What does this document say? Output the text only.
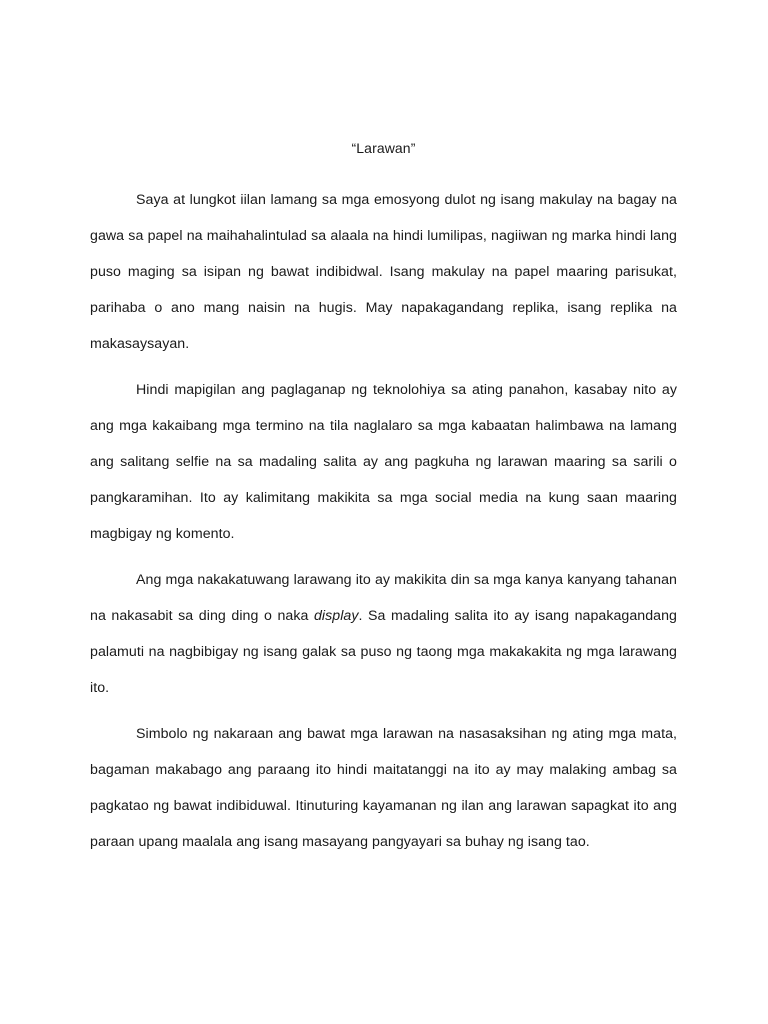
“Larawan”

Saya at lungkot iilan lamang sa mga emosyong dulot ng isang makulay na bagay na gawa sa papel na maihahalintulad sa alaala na hindi lumilipas, nagiiwan ng marka hindi lang puso maging sa isipan ng bawat indibidwal. Isang makulay na papel maaring parisukat, parihaba o ano mang naisin na hugis. May napakagandang replika, isang replika na makasaysayan.

Hindi mapigilan ang paglaganap ng teknolohiya sa ating panahon, kasabay nito ay ang mga kakaibang mga termino na tila naglalaro sa mga kabaatan halimbawa na lamang ang salitang selfie na sa madaling salita ay ang pagkuha ng larawan maaring sa sarili o pangkaramihan. Ito ay kalimitang makikita sa mga social media na kung saan maaring magbigay ng komento.

Ang mga nakakatuwang larawang ito ay makikita din sa mga kanya kanyang tahanan na nakasabit sa ding ding o naka display. Sa madaling salita ito ay isang napakagandang palamuti na nagbibigay ng isang galak sa puso ng taong mga makakakita ng mga larawang ito.

Simbolo ng nakaraan ang bawat mga larawan na nasasaksihan ng ating mga mata, bagaman makabago ang paraang ito hindi maitatanggi na ito ay may malaking ambag sa pagkatao ng bawat indibiduwal. Itinuturing kayamanan ng ilan ang larawan sapagkat ito ang paraan upang maalala ang isang masayang pangyayari sa buhay ng isang tao.
